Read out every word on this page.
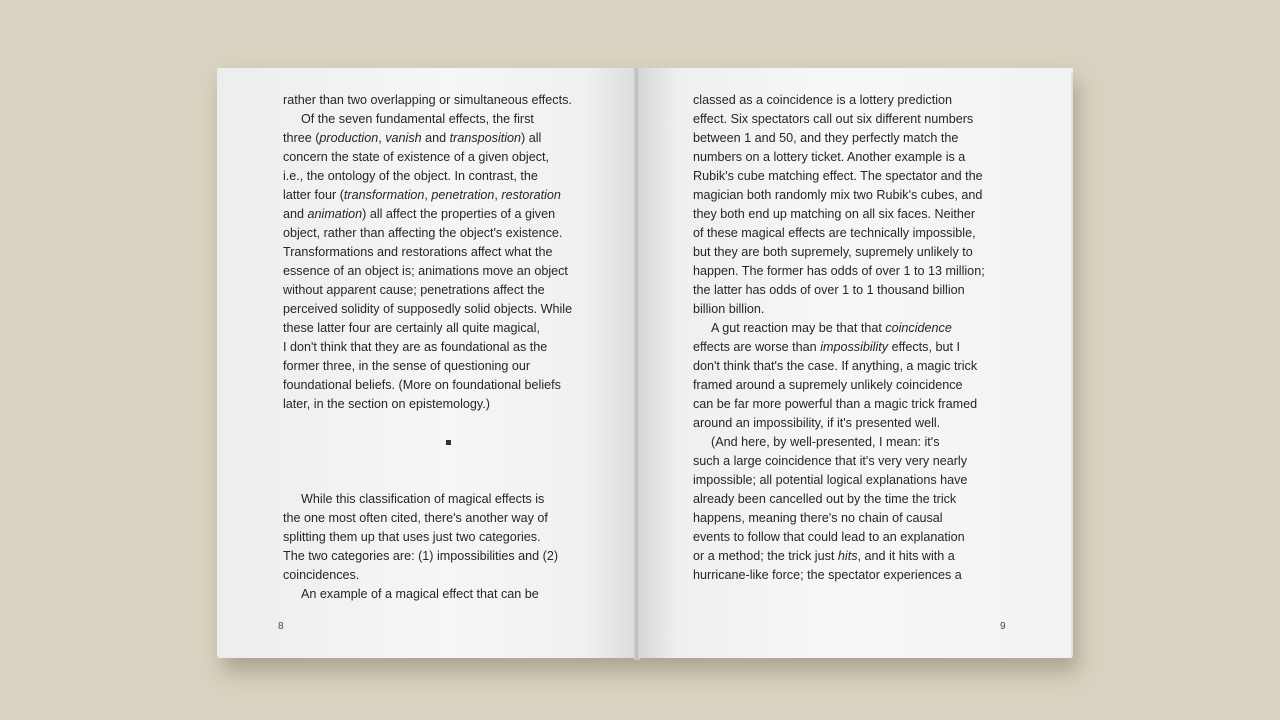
rather than two overlapping or simultaneous effects.
Of the seven fundamental effects, the first
three (production, vanish and transposition) all
concern the state of existence of a given object,
i.e., the ontology of the object. In contrast, the
latter four (transformation, penetration, restoration
and animation) all affect the properties of a given
object, rather than affecting the object's existence.
Transformations and restorations affect what the
essence of an object is; animations move an object
without apparent cause; penetrations affect the
perceived solidity of supposedly solid objects. While
these latter four are certainly all quite magical,
I don't think that they are as foundational as the
former three, in the sense of questioning our
foundational beliefs. (More on foundational beliefs
later, in the section on epistemology.)
While this classification of magical effects is
the one most often cited, there's another way of
splitting them up that uses just two categories.
The two categories are: (1) impossibilities and (2)
coincidences.
An example of a magical effect that can be
8
classed as a coincidence is a lottery prediction
effect. Six spectators call out six different numbers
between 1 and 50, and they perfectly match the
numbers on a lottery ticket. Another example is a
Rubik's cube matching effect. The spectator and the
magician both randomly mix two Rubik's cubes, and
they both end up matching on all six faces. Neither
of these magical effects are technically impossible,
but they are both supremely, supremely unlikely to
happen. The former has odds of over 1 to 13 million;
the latter has odds of over 1 to 1 thousand billion
billion billion.
A gut reaction may be that that coincidence
effects are worse than impossibility effects, but I
don't think that's the case. If anything, a magic trick
framed around a supremely unlikely coincidence
can be far more powerful than a magic trick framed
around an impossibility, if it's presented well.
(And here, by well-presented, I mean: it's
such a large coincidence that it's very very nearly
impossible; all potential logical explanations have
already been cancelled out by the time the trick
happens, meaning there's no chain of causal
events to follow that could lead to an explanation
or a method; the trick just hits, and it hits with a
hurricane-like force; the spectator experiences a
9
